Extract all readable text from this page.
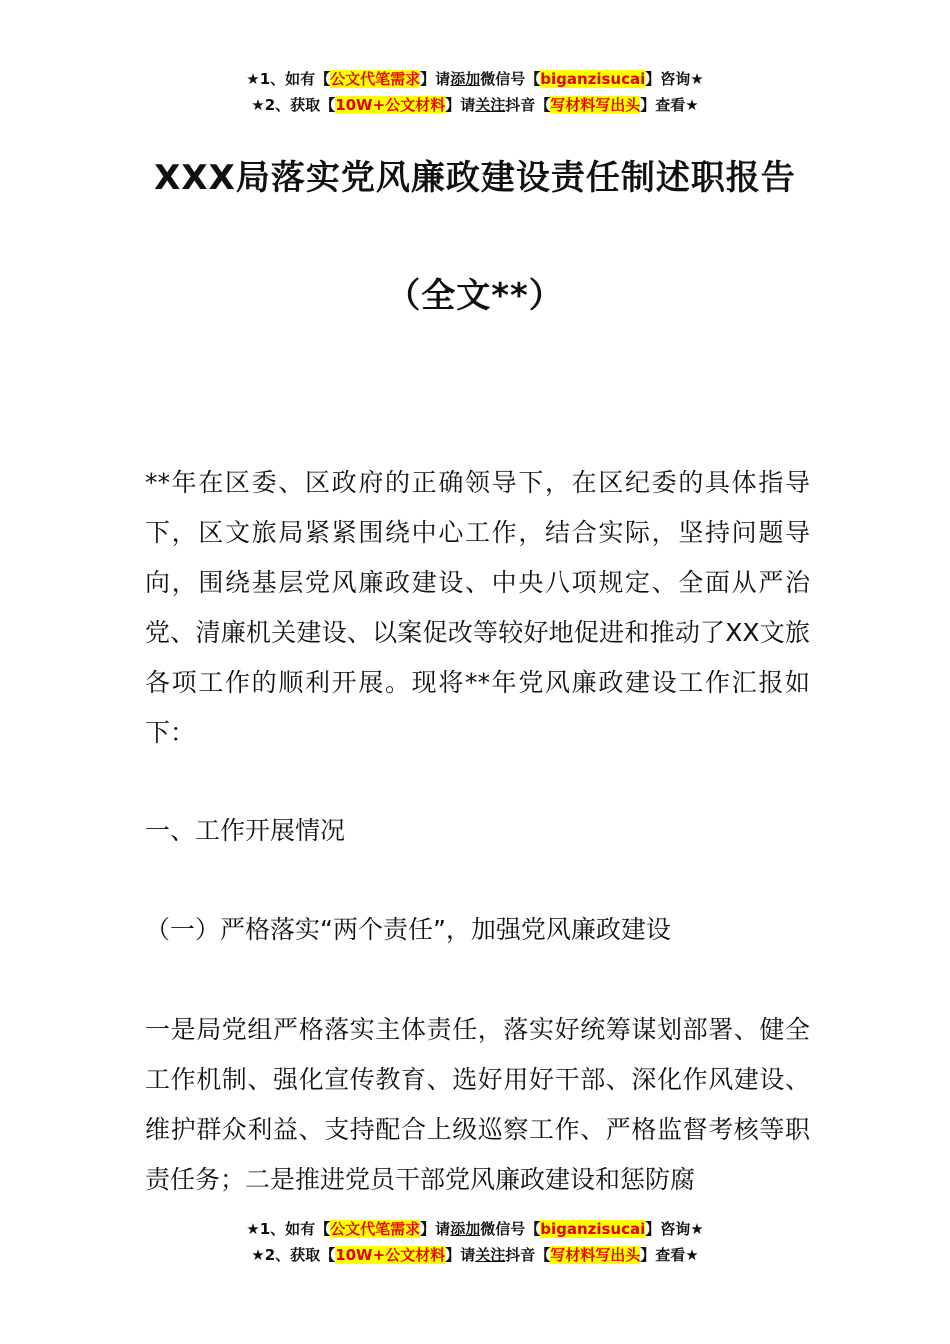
★1、如有【公文代笔需求】请添加微信号【biganzisucai】咨询★
★2、获取【10W+公文材料】请关注抖音【写材料写出头】查看★
XXX局落实党风廉政建设责任制述职报告
（全文**）
**年在区委、区政府的正确领导下，在区纪委的具体指导下，区文旅局紧紧围绕中心工作，结合实际，坚持问题导向，围绕基层党风廉政建设、中央八项规定、全面从严治党、清廉机关建设、以案促改等较好地促进和推动了XX文旅各项工作的顺利开展。现将**年党风廉政建设工作汇报如下：
一、工作开展情况
（一）严格落实“两个责任”，加强党风廉政建设
一是局党组严格落实主体责任，落实好统筹谋划部署、健全工作机制、强化宣传教育、选好用好干部、深化作风建设、维护群众利益、支持配合上级巡察工作、严格监督考核等职责任务；二是推进党员干部党风廉政建设和惩防腐
★1、如有【公文代笔需求】请添加微信号【biganzisucai】咨询★
★2、获取【10W+公文材料】请关注抖音【写材料写出头】查看★
